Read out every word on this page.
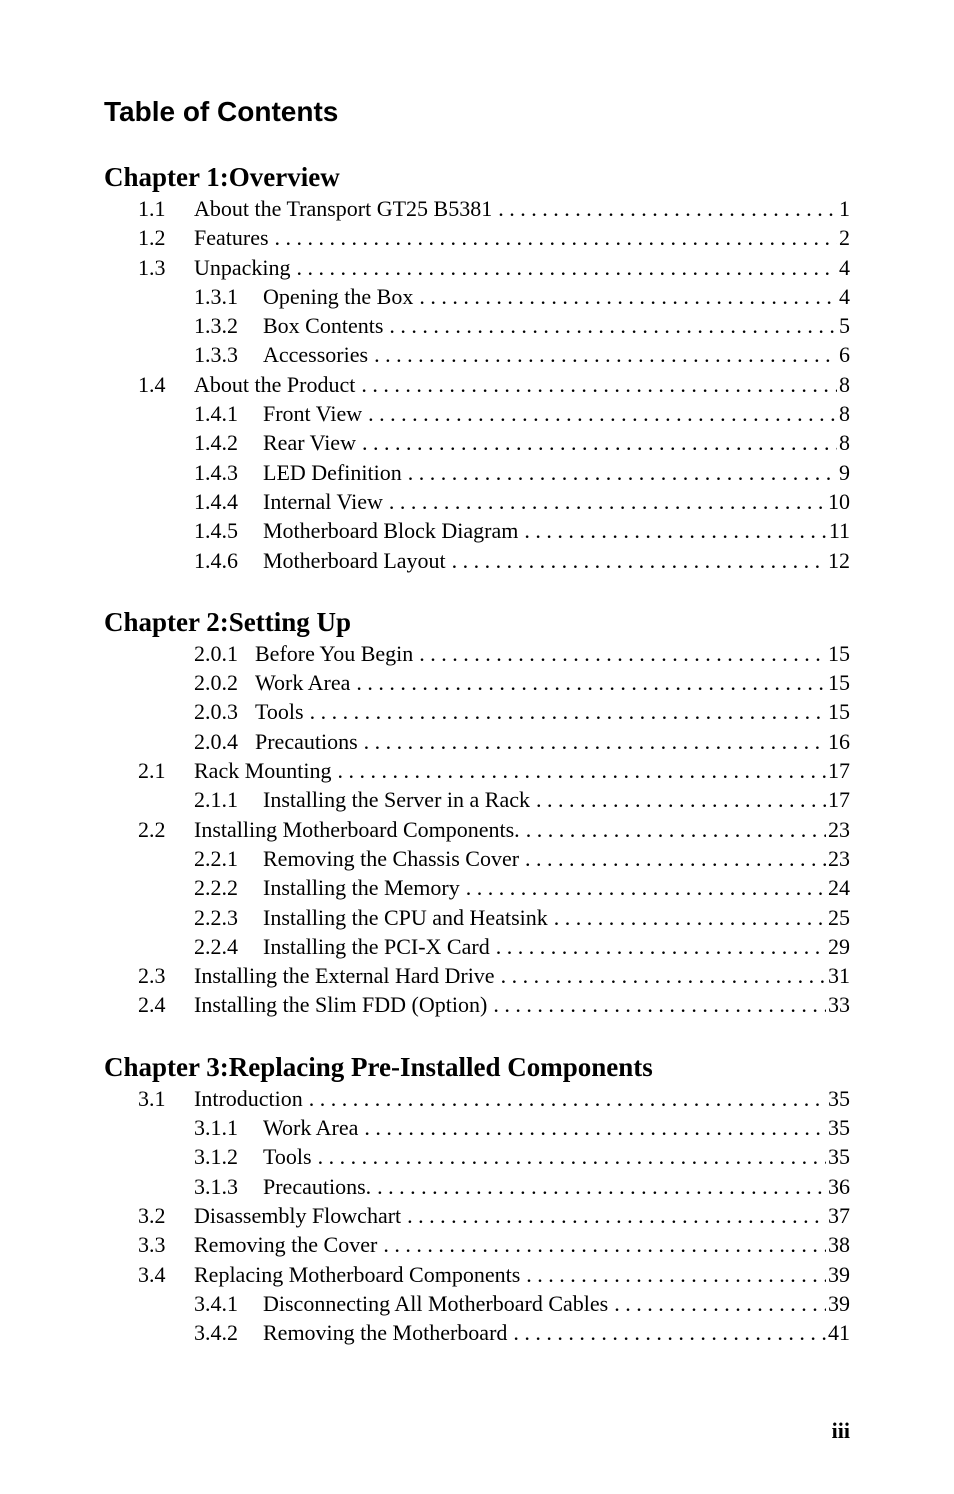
Table of Contents
Chapter 1:Overview
1.1	About the Transport GT25 B5381 . . .	1
1.2	Features . . .	2
1.3	Unpacking . . .	4
1.3.1	Opening the Box . . .	4
1.3.2	Box Contents . . .	5
1.3.3	Accessories . . .	6
1.4	About the Product . . .	8
1.4.1	Front View . . .	8
1.4.2	Rear View . . .	8
1.4.3	LED Definition . . .	9
1.4.4	Internal View . . .	10
1.4.5	Motherboard Block Diagram . . .	11
1.4.6	Motherboard Layout . . .	12
Chapter 2:Setting Up
2.0.1 Before You Begin . . .	15
2.0.2 Work Area . . .	15
2.0.3 Tools . . .	15
2.0.4 Precautions . . .	16
2.1	Rack Mounting . . .	17
2.1.1	Installing the Server in a Rack . . .	17
2.2	Installing Motherboard Components. . . .	23
2.2.1	Removing the Chassis Cover . . .	23
2.2.2	Installing the Memory . . .	24
2.2.3	Installing the CPU and Heatsink . . .	25
2.2.4	Installing the PCI-X Card . . .	29
2.3	Installing the External Hard Drive . . .	31
2.4	Installing the Slim FDD (Option) . . .	33
Chapter 3:Replacing Pre-Installed Components
3.1	Introduction . . .	35
3.1.1	Work Area . . .	35
3.1.2	Tools . . .	35
3.1.3	Precautions. . . .	36
3.2	Disassembly Flowchart . . .	37
3.3	Removing the Cover . . .	38
3.4	Replacing Motherboard Components . . .	39
3.4.1	Disconnecting All Motherboard Cables . . .	39
3.4.2	Removing the Motherboard . . .	41
iii
